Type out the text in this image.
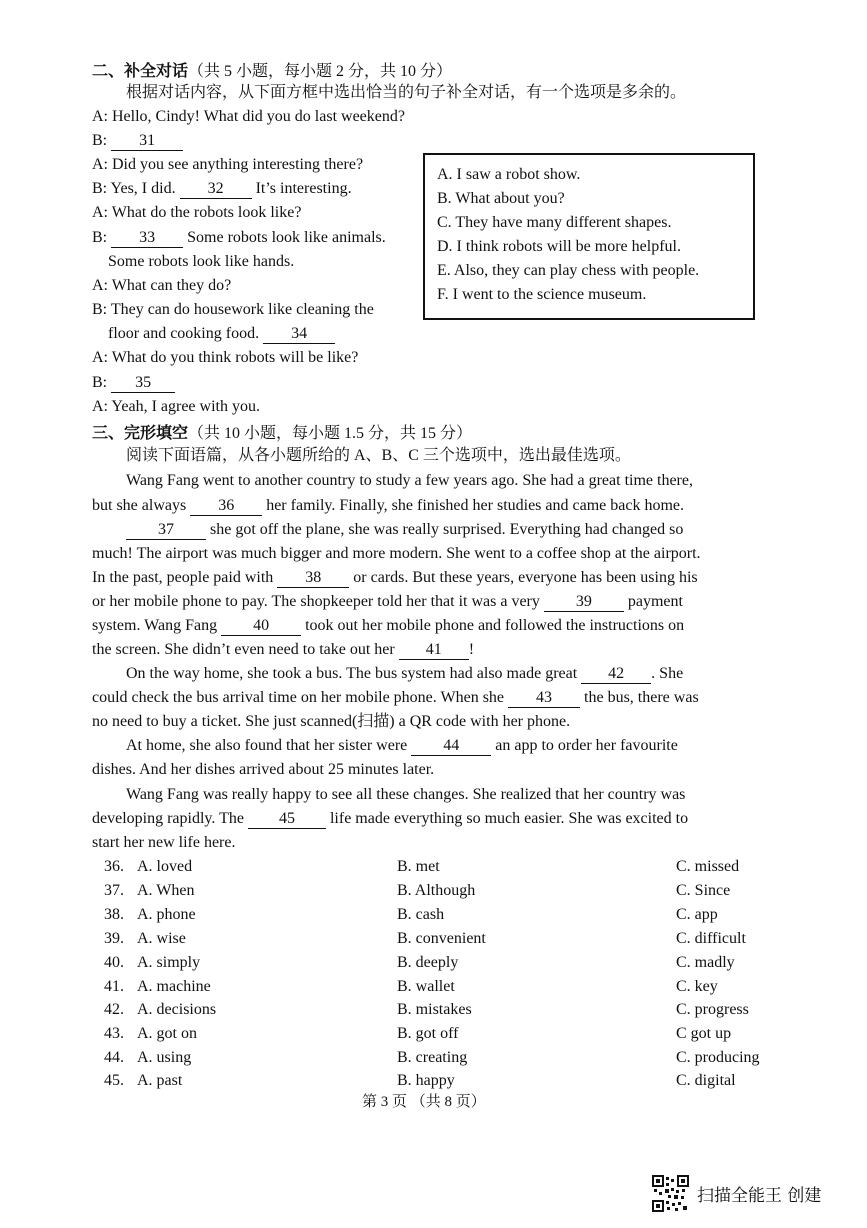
二、补全对话（共 5 小题，每小题 2 分，共 10 分）
根据对话内容，从下面方框中选出恰当的句子补全对话，有一个选项是多余的。
A: Hello, Cindy! What did you do last weekend?
B: 31
A: Did you see anything interesting there?
B: Yes, I did. 32 It’s interesting.
A: What do the robots look like?
B: 33 Some robots look like animals.
Some robots look like hands.
A: What can they do?
B: They can do housework like cleaning the
floor and cooking food. 34
A: What do you think robots will be like?
B: 35
A: Yeah, I agree with you.
A. I saw a robot show.
B. What about you?
C. They have many different shapes.
D. I think robots will be more helpful.
E. Also, they can play chess with people.
F. I went to the science museum.
三、完形填空（共 10 小题，每小题 1.5 分，共 15 分）
阅读下面语篇，从各小题所给的 A、B、C 三个选项中，选出最佳选项。
Wang Fang went to another country to study a few years ago. She had a great time there,
but she always 36 her family. Finally, she finished her studies and came back home.
37 she got off the plane, she was really surprised. Everything had changed so
much! The airport was much bigger and more modern. She went to a coffee shop at the airport.
In the past, people paid with 38 or cards. But these years, everyone has been using his
or her mobile phone to pay. The shopkeeper told her that it was a very 39 payment
system. Wang Fang 40 took out her mobile phone and followed the instructions on
the screen. She didn’t even need to take out her 41 !
On the way home, she took a bus. The bus system had also made great 42 . She
could check the bus arrival time on her mobile phone. When she 43 the bus, there was
no need to buy a ticket. She just scanned(扫描) a QR code with her phone.
At home, she also found that her sister were 44 an app to order her favourite
dishes. And her dishes arrived about 25 minutes later.
Wang Fang was really happy to see all these changes. She realized that her country was
developing rapidly. The 45 life made everything so much easier. She was excited to
start her new life here.
36. A. loved	B. met	C. missed
37. A. When	B. Although	C. Since
38. A. phone	B. cash	C. app
39. A. wise	B. convenient	C. difficult
40. A. simply	B. deeply	C. madly
41. A. machine	B. wallet	C. key
42. A. decisions	B. mistakes	C. progress
43. A. got on	B. got off	C got up
44. A. using	B. creating	C. producing
45. A. past	B. happy	C. digital
第 3 页 （共 8 页）
扫描全能王 创建
